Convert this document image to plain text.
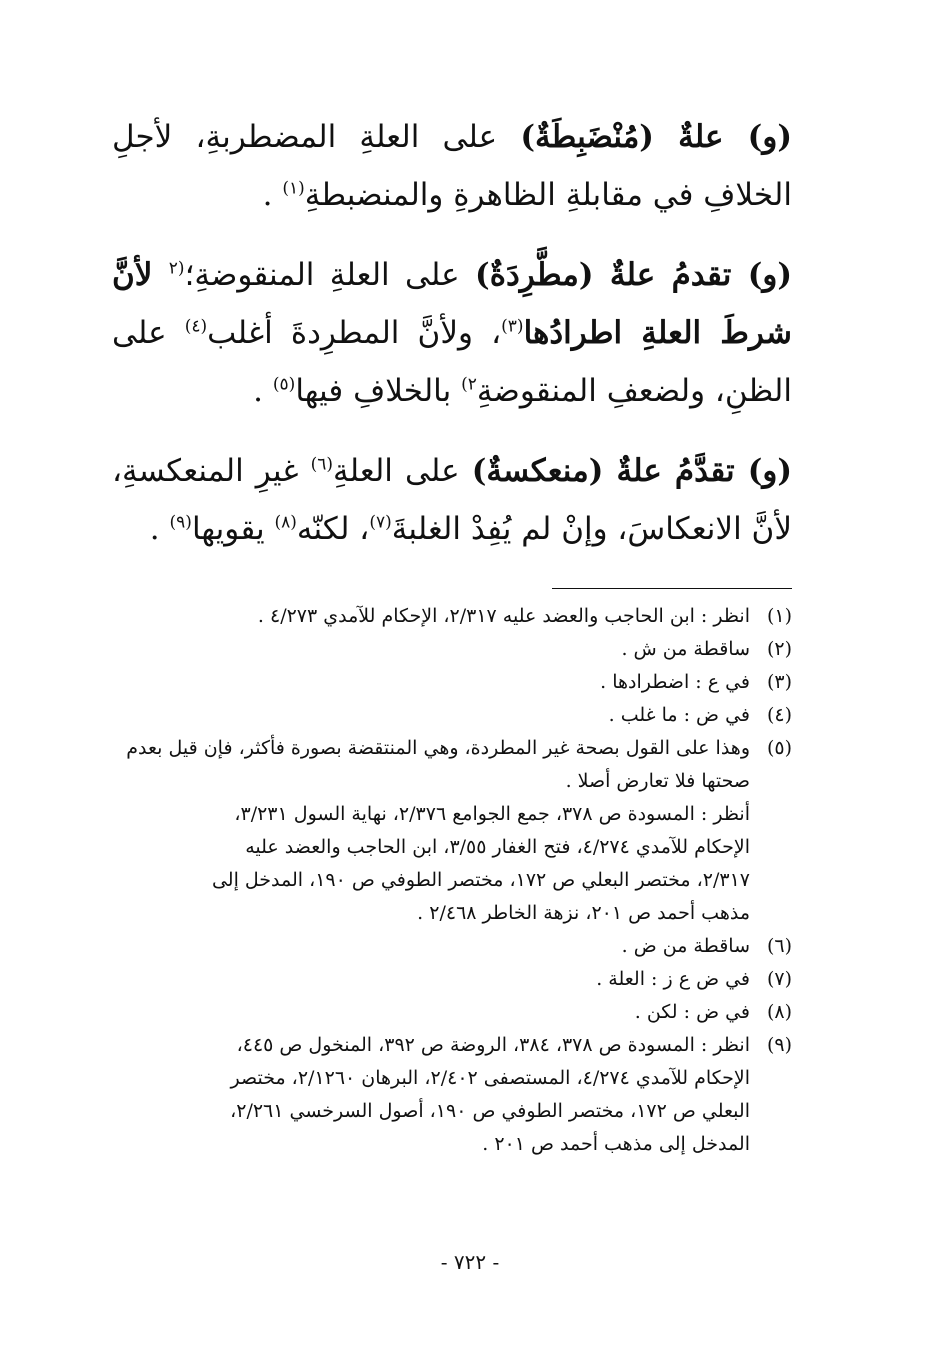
(و) علةٌ (مُنْضَبِطَةٌ) على العلةِ المضطربةِ، لأجلِ الخلافِ في مقابلةِ الظاهرةِ والمنضبطةِ$^{(١)}$ .

(و) تقدمُ علةٌ (مطَّرِدَةٌ) على العلةِ المنقوضةِ؛$^{(٢}$ لأنَّ شرطَ العلةِ اطرادُها$^{(٣)}$، ولأنَّ المطرِدةَ أغلب$^{(٤)}$ على الظنِ، ولضعفِ المنقوضةِ$^{٢)}$ بالخلافِ فيها$^{(٥)}$ .

(و) تقدَّمُ علةٌ (منعكسةٌ) على العلةِ$^{(٦)}$ غيرِ المنعكسةِ، لأنَّ الانعكاسَ، وإنْ لم يُفِدْ الغلبةَ$^{(٧)}$، لكنّه$^{(٨)}$ يقويها$^{(٩)}$ .

(١)
انظر : ابن الحاجب والعضد عليه ٢/٣١٧، الإحكام للآمدي ٤/٢٧٣ .
(٢)
ساقطة من ش .
(٣)
في ع : اضطرادها .
(٤)
في ض : ما غلب .
(٥)
وهذا على القول بصحة غير المطردة، وهي المنتقضة بصورة فأكثر، فإن قيل بعدم
صحتها فلا تعارض أصلا .
أنظر : المسودة ص ٣٧٨، جمع الجوامع ٢/٣٧٦، نهاية السول ٣/٢٣١،
الإحكام للآمدي ٤/٢٧٤، فتح الغفار ٣/٥٥، ابن الحاجب والعضد عليه
٢/٣١٧، مختصر البعلي ص ١٧٢، مختصر الطوفي ص ١٩٠، المدخل إلى
مذهب أحمد ص ٢٠١، نزهة الخاطر ٢/٤٦٨ .
(٦)
ساقطة من ض .
(٧)
في ض ع ز : العلة .
(٨)
في ض : لكن .
(٩)
انظر : المسودة ص ٣٧٨، ٣٨٤، الروضة ص ٣٩٢، المنخول ص ٤٤٥،
الإحكام للآمدي ٤/٢٧٤، المستصفى ٢/٤٠٢، البرهان ٢/١٢٦٠، مختصر
البعلي ص ١٧٢، مختصر الطوفي ص ١٩٠، أصول السرخسي ٢/٢٦١،
المدخل إلى مذهب أحمد ص ٢٠١ .
- ٧٢٢ -
